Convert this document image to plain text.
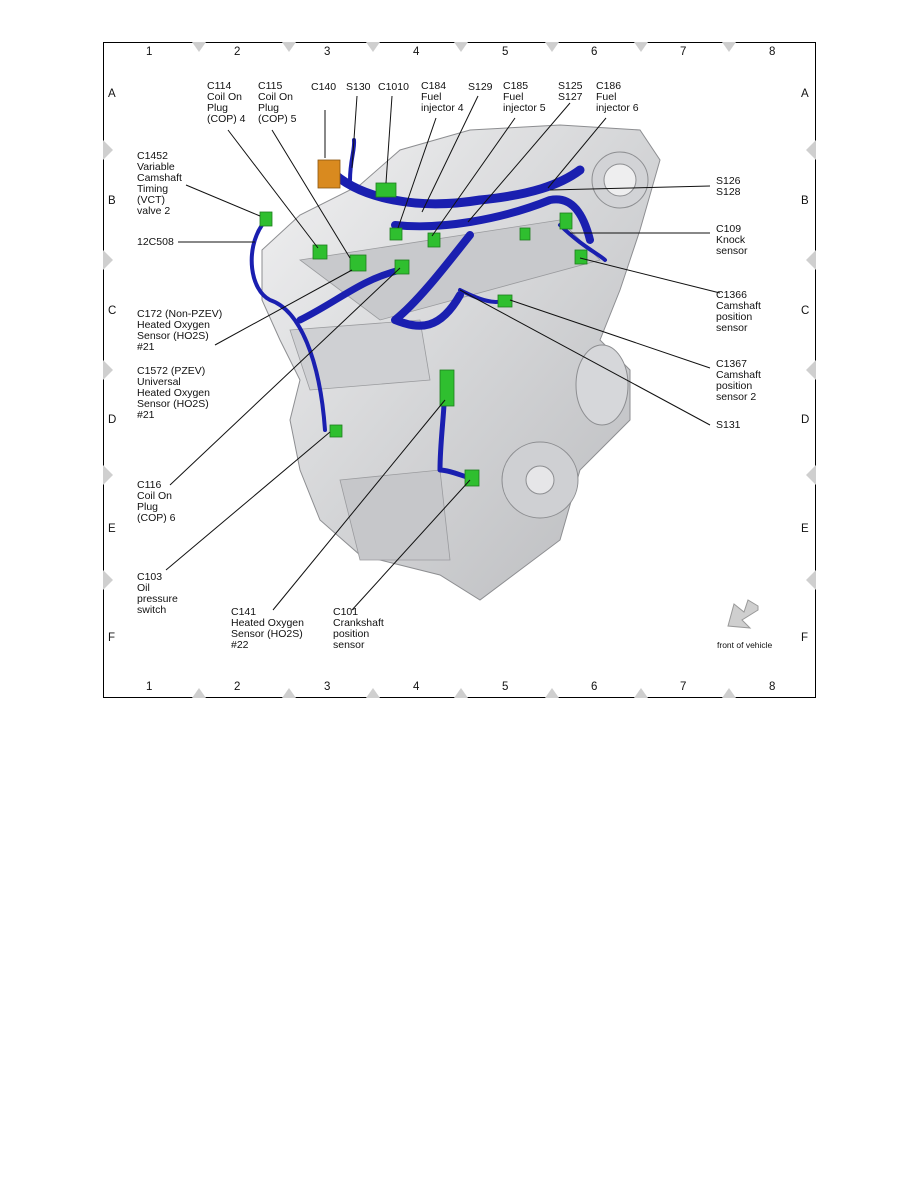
1	2	3	4	5	6	7	8
1	2	3	4	5	6	7	8
A
B
C
D
E
F
A
B
C
D
E
F
C114
Coil On
Plug
(COP) 4
C115
Coil On
Plug
(COP) 5
C140 S130 C1010 C184
Fuel
injector 4
S129 C185
Fuel
injector 5
S125
S127
C186
Fuel
injector 6
C1452
Variable
Camshaft
Timing
(VCT)
valve 2
12C508
S126
S128
C109
Knock
sensor
C1366
Camshaft
position
sensor
C172 (Non-PZEV)
Heated Oxygen
Sensor (HO2S)
#21
C1572 (PZEV)
Universal
Heated Oxygen
Sensor (HO2S)
#21
C1367
Camshaft
position
sensor 2
S131
C116
Coil On
Plug
(COP) 6
C103
Oil
pressure
switch	C141
Heated Oxygen
Sensor (HO2S)
#22
C101
Crankshaft
position
sensor	front of vehicle
